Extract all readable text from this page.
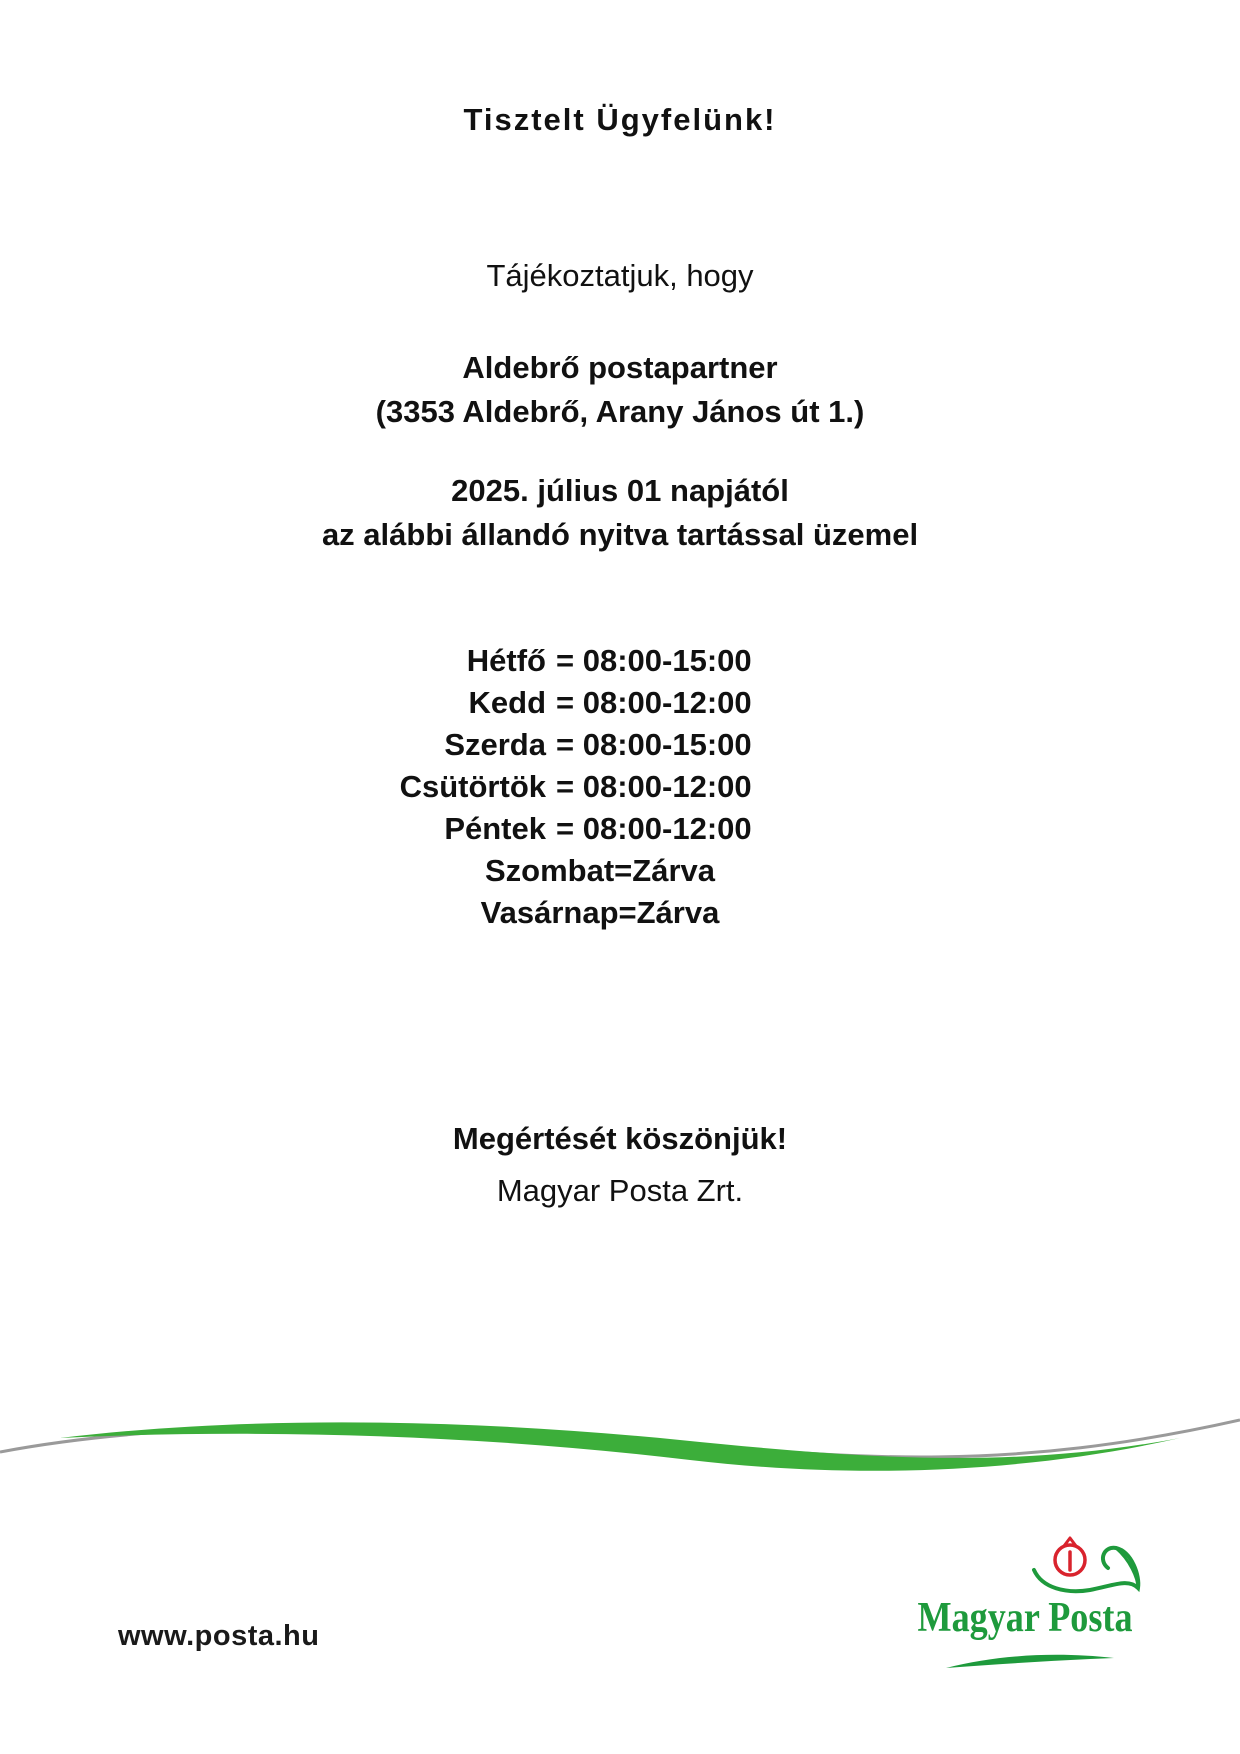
Tisztelt Ügyfelünk!
Tájékoztatjuk, hogy
Aldebrő postapartner
(3353 Aldebrő, Arany János út 1.)
2025. július 01 napjától
az alábbi állandó nyitva tartással üzemel
Hétfő = 08:00-15:00
Kedd = 08:00-12:00
Szerda = 08:00-15:00
Csütörtök = 08:00-12:00
Péntek = 08:00-12:00
Szombat=Zárva
Vasárnap=Zárva
Megértését köszönjük!
Magyar Posta Zrt.
www.posta.hu	Magyar Posta
